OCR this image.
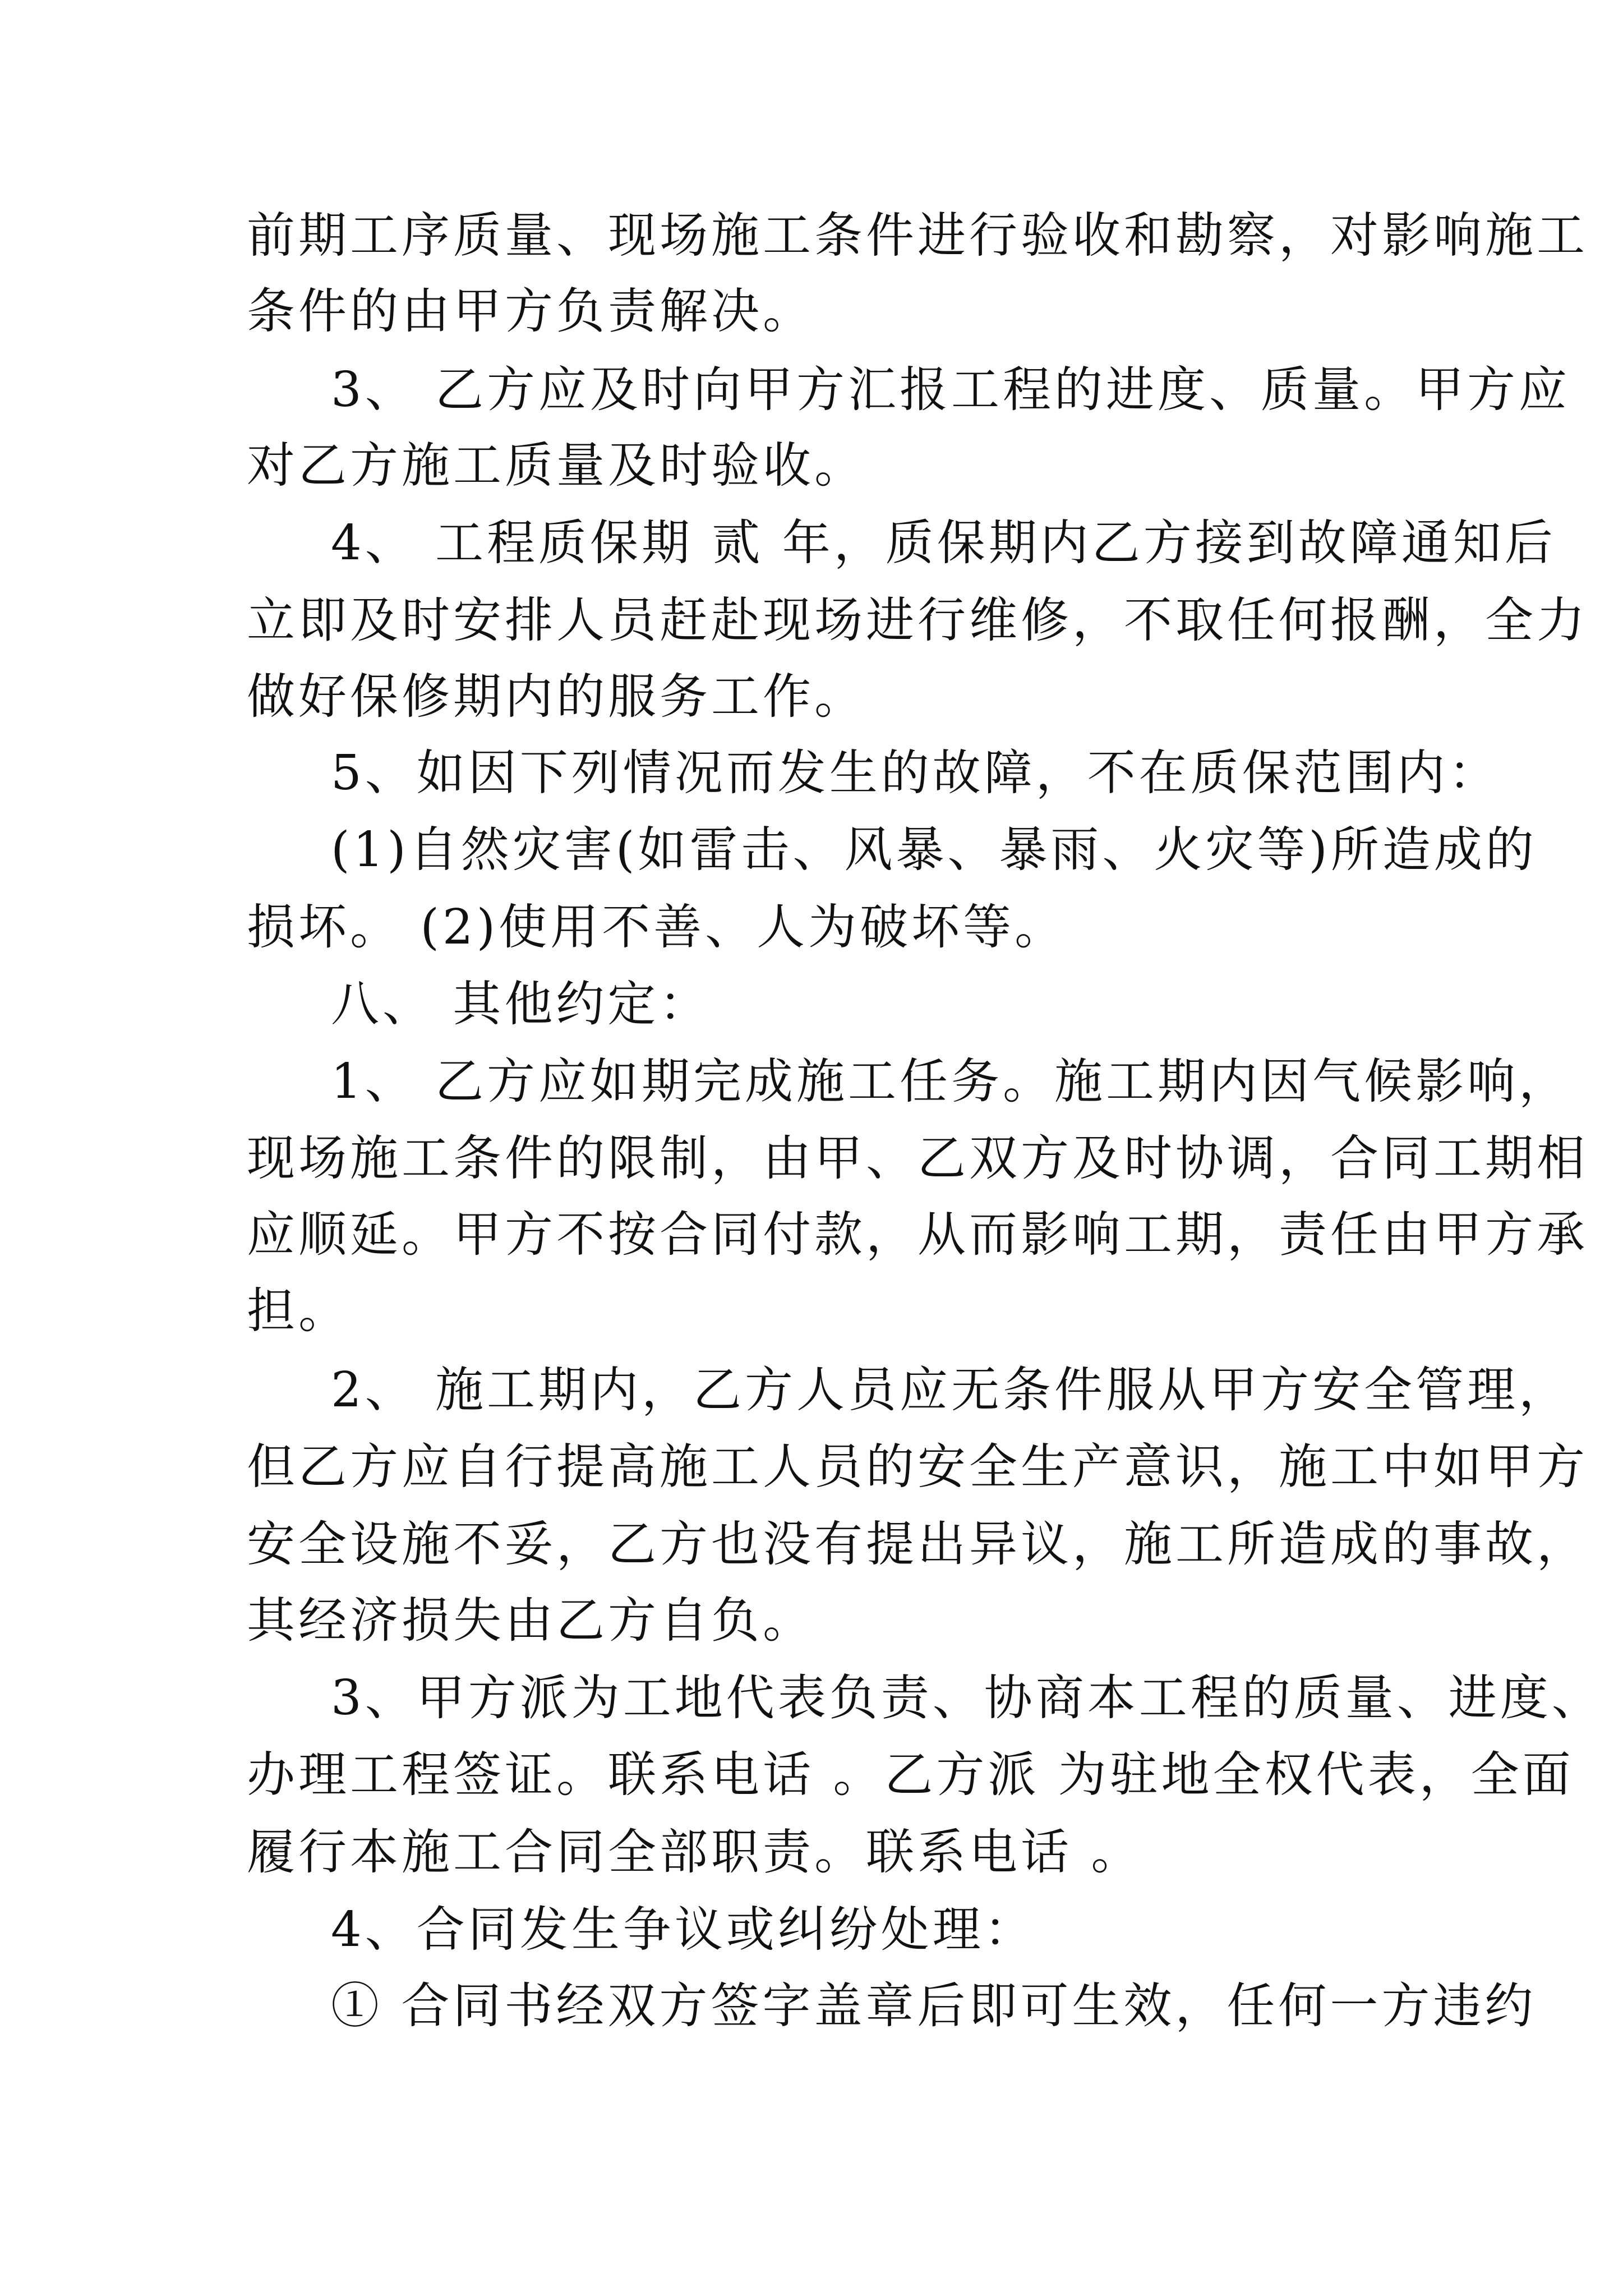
前期工序质量、现场施工条件进行验收和勘察，对影响施工
条件的由甲方负责解决。
3、 乙方应及时向甲方汇报工程的进度、质量。甲方应
对乙方施工质量及时验收。
4、 工程质保期 贰 年，质保期内乙方接到故障通知后
立即及时安排人员赶赴现场进行维修，不取任何报酬，全力
做好保修期内的服务工作。
5、如因下列情况而发生的故障，不在质保范围内：
(1)自然灾害(如雷击、风暴、暴雨、火灾等)所造成的
损坏。 (2)使用不善、人为破坏等。
八、 其他约定：
1、 乙方应如期完成施工任务。施工期内因气候影响，
现场施工条件的限制，由甲、乙双方及时协调，合同工期相
应顺延。甲方不按合同付款，从而影响工期，责任由甲方承
担。
2、 施工期内，乙方人员应无条件服从甲方安全管理，
但乙方应自行提高施工人员的安全生产意识，施工中如甲方
安全设施不妥，乙方也没有提出异议，施工所造成的事故，
其经济损失由乙方自负。
3、甲方派为工地代表负责、协商本工程的质量、进度、
办理工程签证。联系电话 。乙方派 为驻地全权代表，全面
履行本施工合同全部职责。联系电话 。
4、合同发生争议或纠纷处理：
① 合同书经双方签字盖章后即可生效，任何一方违约
